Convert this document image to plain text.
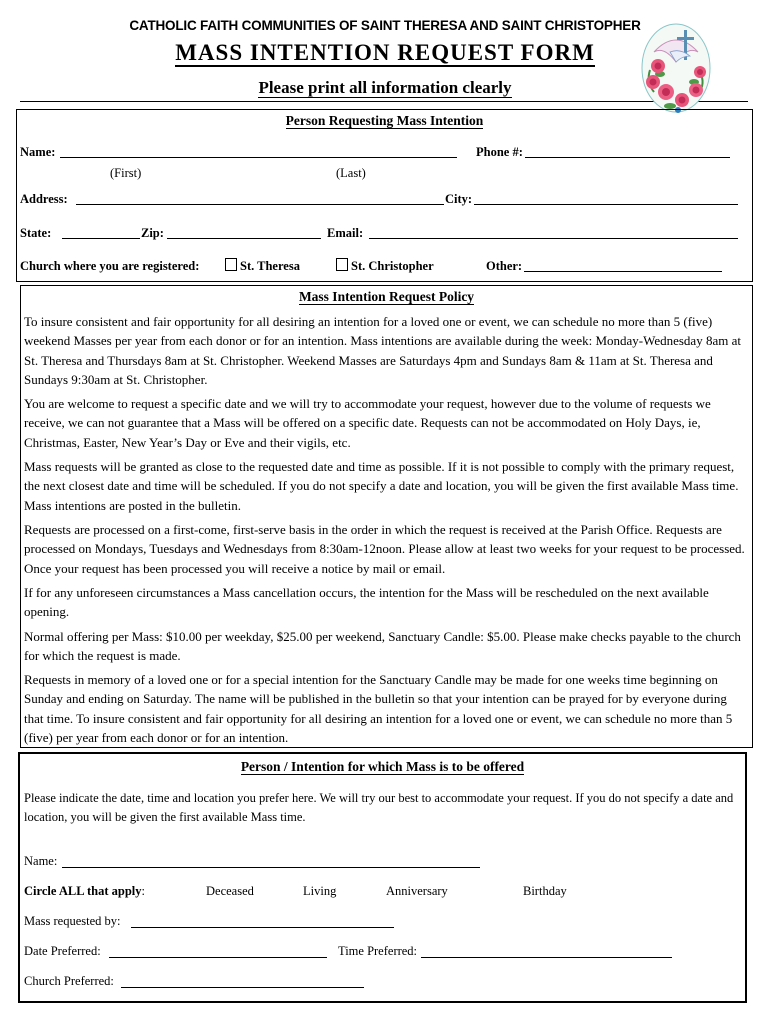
CATHOLIC FAITH COMMUNITIES OF SAINT THERESA AND SAINT CHRISTOPHER
MASS INTENTION REQUEST FORM
Please print all information clearly
Person Requesting Mass Intention
Name:	Phone #:
(First)	(Last)
Address:	City:
State:	Zip:	Email:
Church where you are registered:	St. Theresa	St. Christopher	Other:
Mass Intention Request Policy

To insure consistent and fair opportunity for all desiring an intention for a loved one or event, we can schedule no more than 5 (five) weekend Masses per year from each donor or for an intention. Mass intentions are available during the week: Monday-Wednesday 8am at St. Theresa and Thursdays 8am at St. Christopher. Weekend Masses are Saturdays 4pm and Sundays 8am & 11am at St. Theresa and Sundays 9:30am at St. Christopher.

You are welcome to request a specific date and we will try to accommodate your request, however due to the volume of requests we receive, we can not guarantee that a Mass will be offered on a specific date. Requests can not be accommodated on Holy Days, ie, Christmas, Easter, New Year’s Day or Eve and their vigils, etc.

Mass requests will be granted as close to the requested date and time as possible. If it is not possible to comply with the primary request, the next closest date and time will be scheduled. If you do not specify a date and location, you will be given the first available Mass time. Mass intentions are posted in the bulletin.

Requests are processed on a first-come, first-serve basis in the order in which the request is received at the Parish Office. Requests are processed on Mondays, Tuesdays and Wednesdays from 8:30am-12noon. Please allow at least two weeks for your request to be processed. Once your request has been processed you will receive a notice by mail or email.

If for any unforeseen circumstances a Mass cancellation occurs, the intention for the Mass will be rescheduled on the next available opening.

Normal offering per Mass: $10.00 per weekday, $25.00 per weekend, Sanctuary Candle: $5.00. Please make checks payable to the church for which the request is made.

Requests in memory of a loved one or for a special intention for the Sanctuary Candle may be made for one weeks time beginning on Sunday and ending on Saturday. The name will be published in the bulletin so that your intention can be prayed for by everyone during that time. To insure consistent and fair opportunity for all desiring an intention for a loved one or event, we can schedule no more than 5 (five) per year from each donor or for an intention.

Person / Intention for which Mass is to be offered

Please indicate the date, time and location you prefer here. We will try our best to accommodate your request. If you do not specify a date and location, you will be given the first available Mass time.

Name:
Circle ALL that apply:	Deceased	Living	Anniversary	Birthday
Mass requested by:
Date Preferred:	Time Preferred:
Church Preferred:
